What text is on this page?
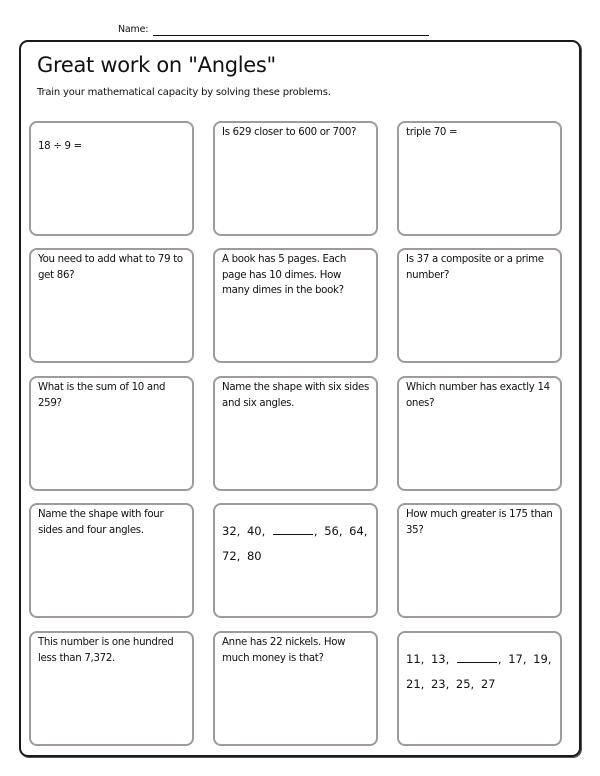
Name:
Great work on "Angles"
Train your mathematical capacity by solving these problems.
18 ÷ 9 =
Is 629 closer to 600 or 700?	triple 70 =
You need to add what to 79 to get 86?
A book has 5 pages. Each page has 10 dimes. How many dimes in the book?
Is 37 a composite or a prime number?
What is the sum of 10 and 259?
Name the shape with six sides and six angles.
Which number has exactly 14 ones?
Name the shape with four sides and four angles.	32, 40,	, 56, 64, 72, 80
How much greater is 175 than 35?
This number is one hundred less than 7,372.
Anne has 22 nickels. How much money is that?	11, 13,	, 17, 19, 21, 23, 25, 27
